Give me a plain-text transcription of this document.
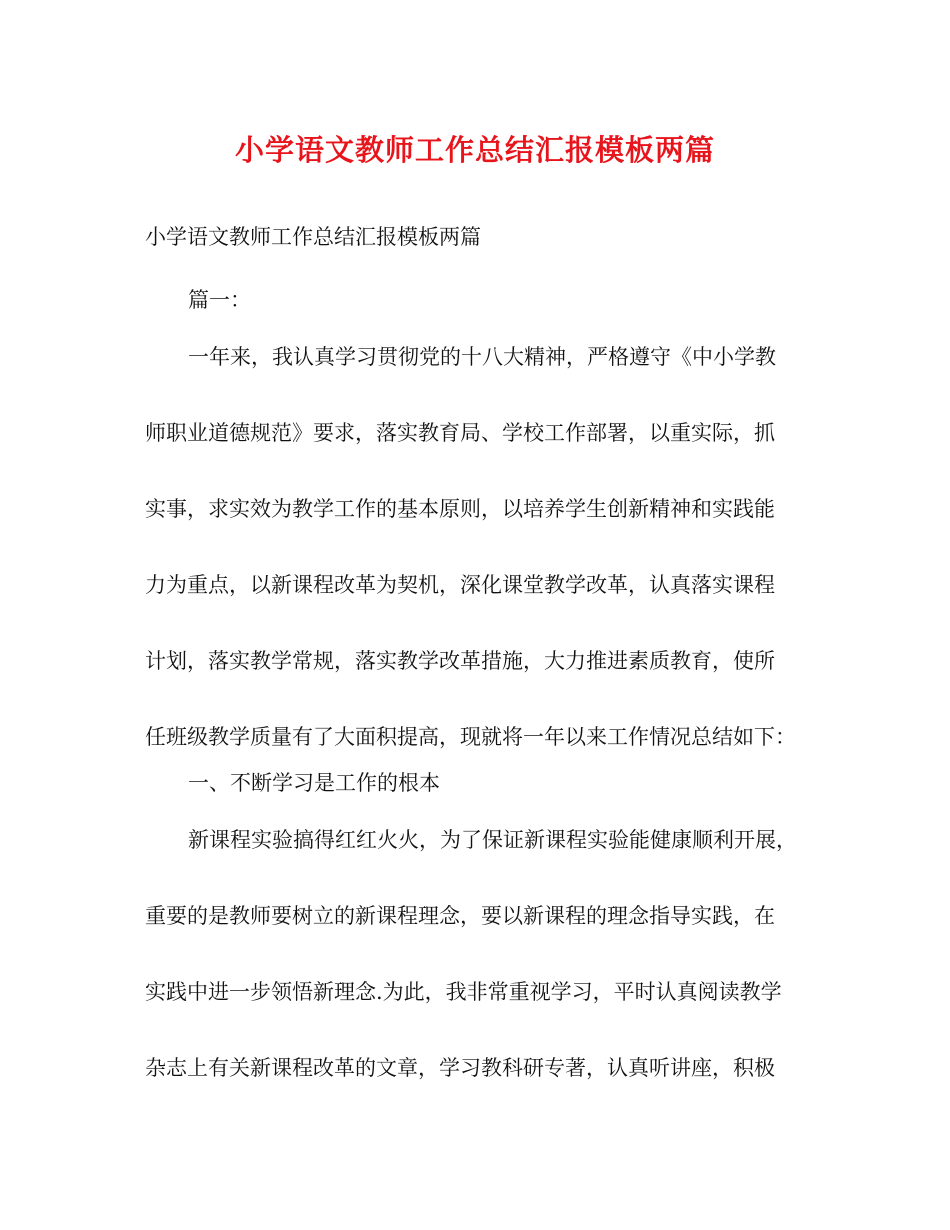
小学语文教师工作总结汇报模板两篇
小学语文教师工作总结汇报模板两篇
篇一：
一年来，我认真学习贯彻党的十八大精神，严格遵守《中小学教
师职业道德规范》要求，落实教育局、学校工作部署，以重实际，抓
实事，求实效为教学工作的基本原则，以培养学生创新精神和实践能
力为重点，以新课程改革为契机，深化课堂教学改革，认真落实课程
计划，落实教学常规，落实教学改革措施，大力推进素质教育，使所
任班级教学质量有了大面积提高，现就将一年以来工作情况总结如下：
一、不断学习是工作的根本
新课程实验搞得红红火火，为了保证新课程实验能健康顺利开展，
重要的是教师要树立的新课程理念，要以新课程的理念指导实践，在
实践中进一步领悟新理念.为此，我非常重视学习，平时认真阅读教学
杂志上有关新课程改革的文章，学习教科研专著，认真听讲座，积极
